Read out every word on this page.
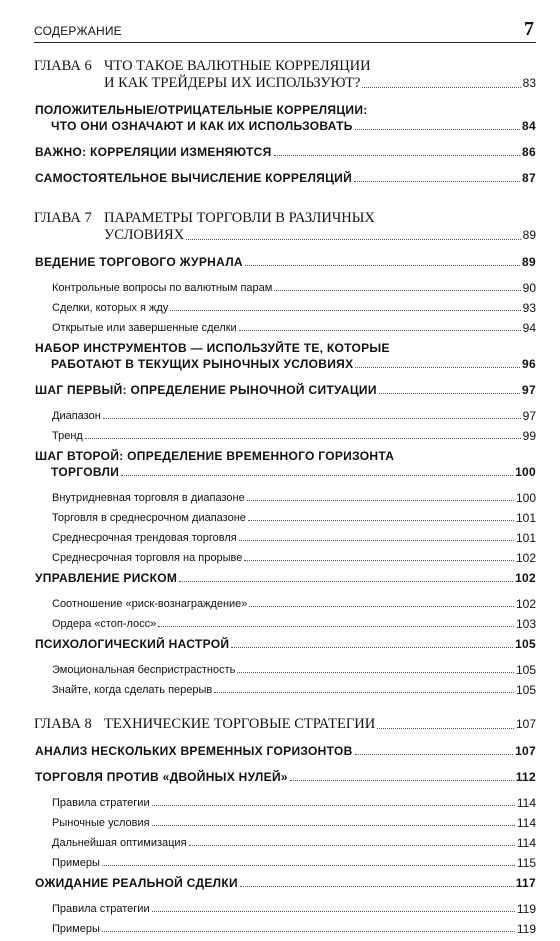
СОДЕРЖАНИЕ	7
ГЛАВА 6 ЧТО ТАКОЕ ВАЛЮТНЫЕ КОРРЕЛЯЦИИ
И КАК ТРЕЙДЕРЫ ИХ ИСПОЛЬЗУЮТ?	83
ПОЛОЖИТЕЛЬНЫЕ/ОТРИЦАТЕЛЬНЫЕ КОРРЕЛЯЦИИ:
ЧТО ОНИ ОЗНАЧАЮТ И КАК ИХ ИСПОЛЬЗОВАТЬ	84
ВАЖНО: КОРРЕЛЯЦИИ ИЗМЕНЯЮТСЯ	86
САМОСТОЯТЕЛЬНОЕ ВЫЧИСЛЕНИЕ КОРРЕЛЯЦИЙ	87
ГЛАВА 7 ПАРАМЕТРЫ ТОРГОВЛИ В РАЗЛИЧНЫХ
УСЛОВИЯХ	89
ВЕДЕНИЕ ТОРГОВОГО ЖУРНАЛА	89
Контрольные вопросы по валютным парам	90
Сделки, которых я жду	93
Открытые или завершенные сделки	94
НАБОР ИНСТРУМЕНТОВ — ИСПОЛЬЗУЙТЕ ТЕ, КОТОРЫЕ
РАБОТАЮТ В ТЕКУЩИХ РЫНОЧНЫХ УСЛОВИЯХ	96
ШАГ ПЕРВЫЙ: ОПРЕДЕЛЕНИЕ РЫНОЧНОЙ СИТУАЦИИ	97
Диапазон	97
Тренд	99
ШАГ ВТОРОЙ: ОПРЕДЕЛЕНИЕ ВРЕМЕННОГО ГОРИЗОНТА
ТОРГОВЛИ	100
Внутридневная торговля в диапазоне	100
Торговля в среднесрочном диапазоне	101
Среднесрочная трендовая торговля	101
Среднесрочная торговля на прорыве	102
УПРАВЛЕНИЕ РИСКОМ	102
Соотношение «риск-вознаграждение»	102
Ордера «стоп-лосс»	103
ПСИХОЛОГИЧЕСКИЙ НАСТРОЙ	105
Эмоциональная беспристрастность	105
Знайте, когда сделать перерыв	105
ГЛАВА 8 ТЕХНИЧЕСКИЕ ТОРГОВЫЕ СТРАТЕГИИ	107
АНАЛИЗ НЕСКОЛЬКИХ ВРЕМЕННЫХ ГОРИЗОНТОВ	107
ТОРГОВЛЯ ПРОТИВ «ДВОЙНЫХ НУЛЕЙ»	112
Правила стратегии	114
Рыночные условия	114
Дальнейшая оптимизация	114
Примеры	115
ОЖИДАНИЕ РЕАЛЬНОЙ СДЕЛКИ	117
Правила стратегии	119
Примеры	119
